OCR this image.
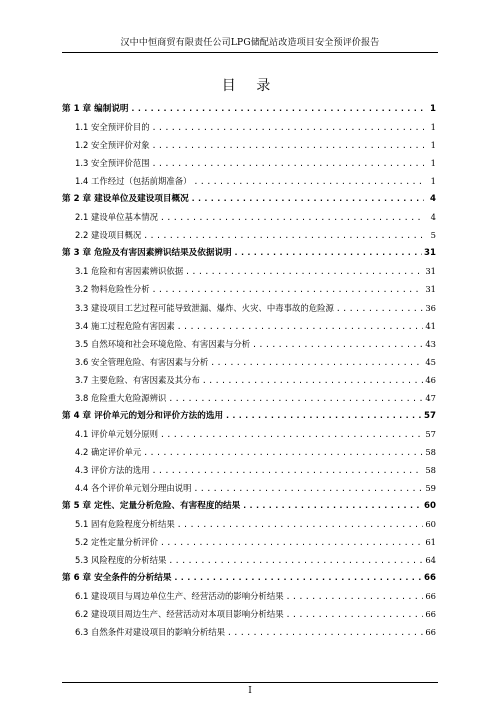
汉中中恒商贸有限责任公司LPG储配站改造项目安全预评价报告
目 录
第 1 章 编制说明 .....	1
1.1 安全预评价目的 .....	1
1.2 安全预评价对象 .....	1
1.3 安全预评价范围 .....	1
1.4 工作经过（包括前期准备） .....	1
第 2 章 建设单位及建设项目概况 .....	4
2.1 建设单位基本情况 .....	4
2.2 建设项目概况 .....	5
第 3 章 危险及有害因素辨识结果及依据说明 .....	31
3.1 危险和有害因素辨识依据 .....	31
3.2 物料危险性分析 .....	31
3.3 建设项目工艺过程可能导致泄漏、爆炸、火灾、中毒事故的危险源 .....	36
3.4 施工过程危险有害因素 .....	41
3.5 自然环境和社会环境危险、有害因素与分析 .....	43
3.6 安全管理危险、有害因素与分析 .....	45
3.7 主要危险、有害因素及其分布 .....	46
3.8 危险重大危险源辨识 .....	47
第 4 章 评价单元的划分和评价方法的选用 .....	57
4.1 评价单元划分原则 .....	57
4.2 确定评价单元 .....	58
4.3 评价方法的选用 .....	58
4.4 各个评价单元划分理由说明 .....	59
第 5 章 定性、定量分析危险、有害程度的结果 .....	60
5.1 固有危险程度分析结果 .....	60
5.2 定性定量分析评价 .....	61
5.3 风险程度的分析结果 .....	64
第 6 章 安全条件的分析结果 .....	66
6.1 建设项目与周边单位生产、经营活动的影响分析结果 .....	66
6.2 建设项目周边生产、经营活动对本项目影响分析结果 .....	66
6.3 自然条件对建设项目的影响分析结果 .....	66
I
